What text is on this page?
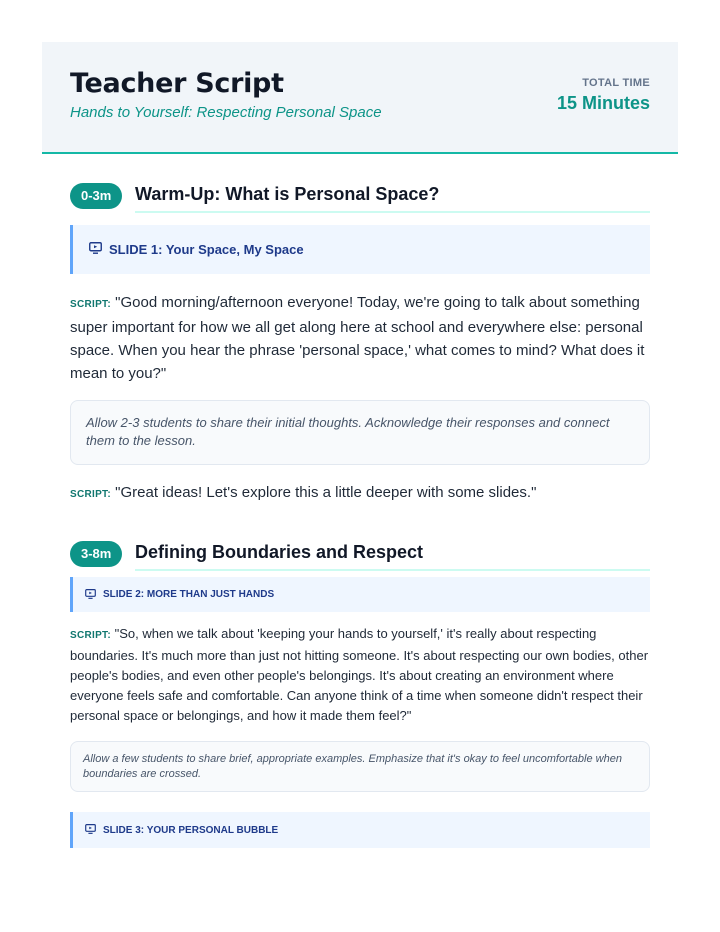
Teacher Script
Hands to Yourself: Respecting Personal Space
TOTAL TIME
15 Minutes
0-3m	Warm-Up: What is Personal Space?
SLIDE 1: Your Space, My Space

SCRIPT: "Good morning/afternoon everyone! Today, we're going to talk about something super important for how we all get along here at school and everywhere else: personal space. When you hear the phrase 'personal space,' what comes to mind? What does it mean to you?"

Allow 2-3 students to share their initial thoughts. Acknowledge their responses and connect them to the lesson.

SCRIPT: "Great ideas! Let's explore this a little deeper with some slides."

3-8m	Defining Boundaries and Respect
SLIDE 2: MORE THAN JUST HANDS

SCRIPT: "So, when we talk about 'keeping your hands to yourself,' it's really about respecting boundaries. It's much more than just not hitting someone. It's about respecting our own bodies, other people's bodies, and even other people's belongings. It's about creating an environment where everyone feels safe and comfortable. Can anyone think of a time when someone didn't respect their personal space or belongings, and how it made them feel?"

Allow a few students to share brief, appropriate examples. Emphasize that it's okay to feel uncomfortable when boundaries are crossed.
SLIDE 3: YOUR PERSONAL BUBBLE
